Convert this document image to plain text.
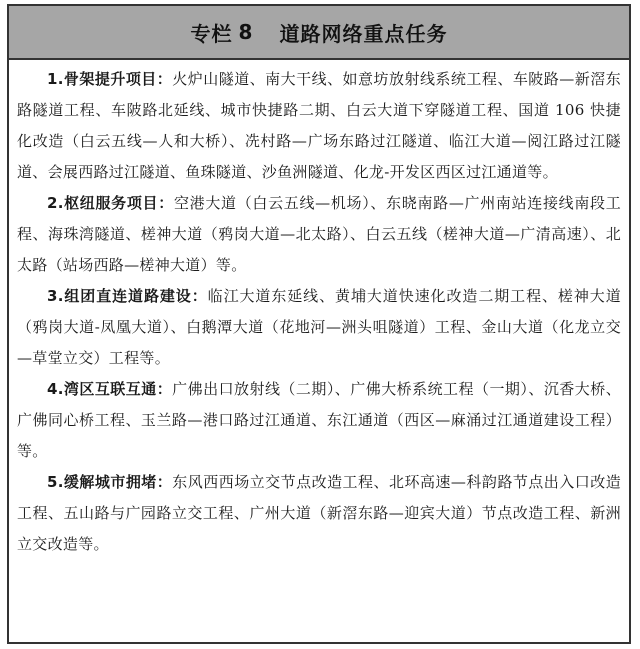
专栏 8 道路网络重点任务

1.骨架提升项目：火炉山隧道、南大干线、如意坊放射线系统工程、车陂路—新滘东路隧道工程、车陂路北延线、城市快捷路二期、白云大道下穿隧道工程、国道 106 快捷化改造（白云五线—人和大桥）、冼村路—广场东路过江隧道、临江大道—阅江路过江隧道、会展西路过江隧道、鱼珠隧道、沙鱼洲隧道、化龙-开发区西区过江通道等。

2.枢纽服务项目：空港大道（白云五线—机场）、东晓南路—广州南站连接线南段工程、海珠湾隧道、槎神大道（鸦岗大道—北太路）、白云五线（槎神大道—广清高速）、北太路（站场西路—槎神大道）等。

3.组团直连道路建设：临江大道东延线、黄埔大道快速化改造二期工程、槎神大道（鸦岗大道-凤凰大道）、白鹅潭大道（花地河—洲头咀隧道）工程、金山大道（化龙立交—草堂立交）工程等。

4.湾区互联互通：广佛出口放射线（二期）、广佛大桥系统工程（一期）、沉香大桥、广佛同心桥工程、玉兰路—港口路过江通道、东江通道（西区—麻涌过江通道建设工程）等。

5.缓解城市拥堵：东风西西场立交节点改造工程、北环高速—科韵路节点出入口改造工程、五山路与广园路立交工程、广州大道（新滘东路—迎宾大道）节点改造工程、新洲立交改造等。
